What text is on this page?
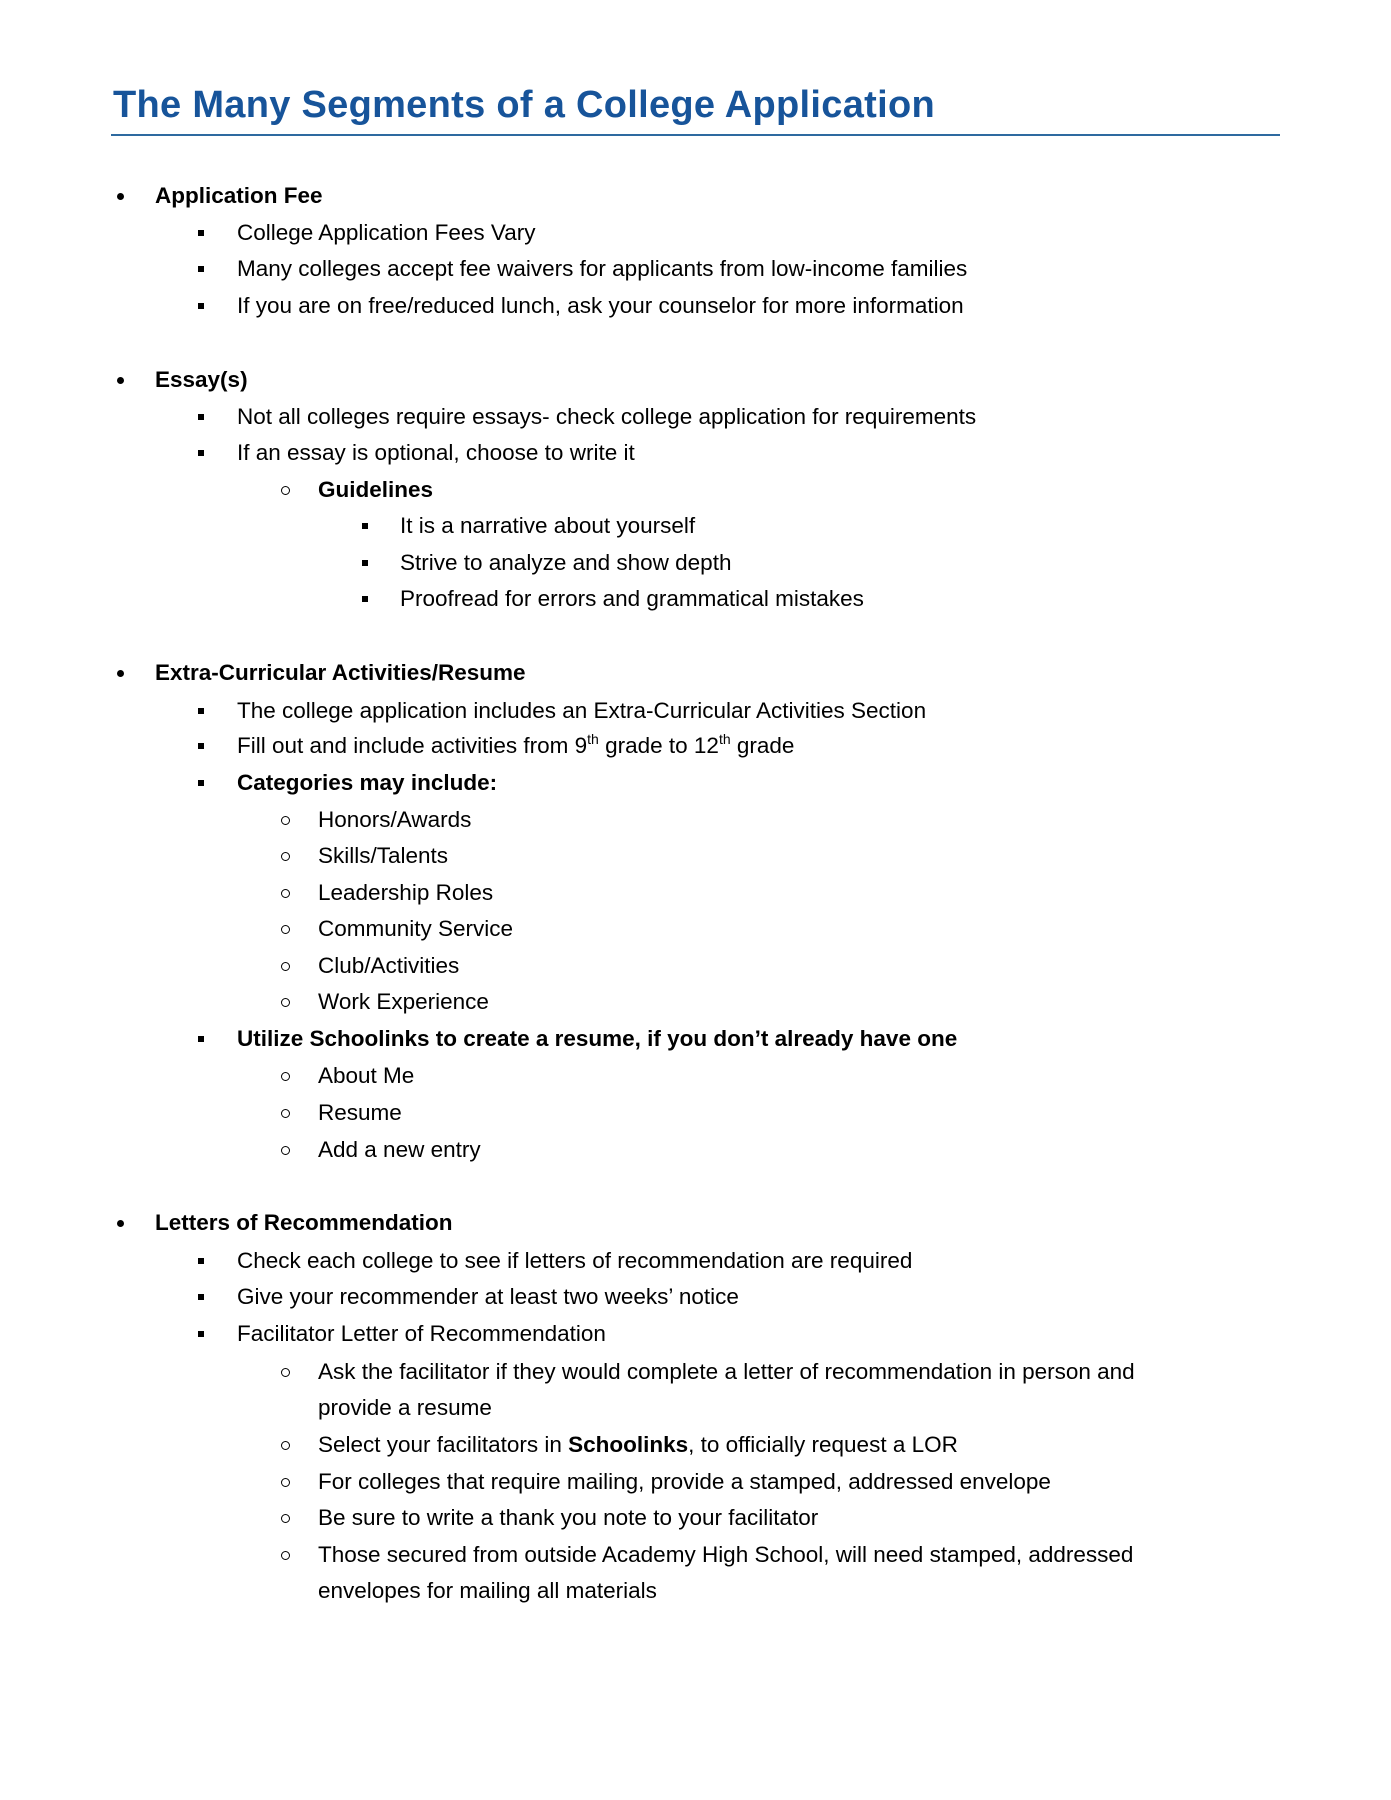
The Many Segments of a College Application
Application Fee
College Application Fees Vary
Many colleges accept fee waivers for applicants from low-income families
If you are on free/reduced lunch, ask your counselor for more information
Essay(s)
Not all colleges require essays- check college application for requirements
If an essay is optional, choose to write it
Guidelines
It is a narrative about yourself
Strive to analyze and show depth
Proofread for errors and grammatical mistakes
Extra-Curricular Activities/Resume
The college application includes an Extra-Curricular Activities Section
Fill out and include activities from 9th grade to 12th grade
Categories may include:
Honors/Awards
Skills/Talents
Leadership Roles
Community Service
Club/Activities
Work Experience
Utilize Schoolinks to create a resume, if you don’t already have one
About Me
Resume
Add a new entry
Letters of Recommendation
Check each college to see if letters of recommendation are required
Give your recommender at least two weeks’ notice
Facilitator Letter of Recommendation
Ask the facilitator if they would complete a letter of recommendation in person and
provide a resume
Select your facilitators in Schoolinks, to officially request a LOR
For colleges that require mailing, provide a stamped, addressed envelope
Be sure to write a thank you note to your facilitator
Those secured from outside Academy High School, will need stamped, addressed
envelopes for mailing all materials
